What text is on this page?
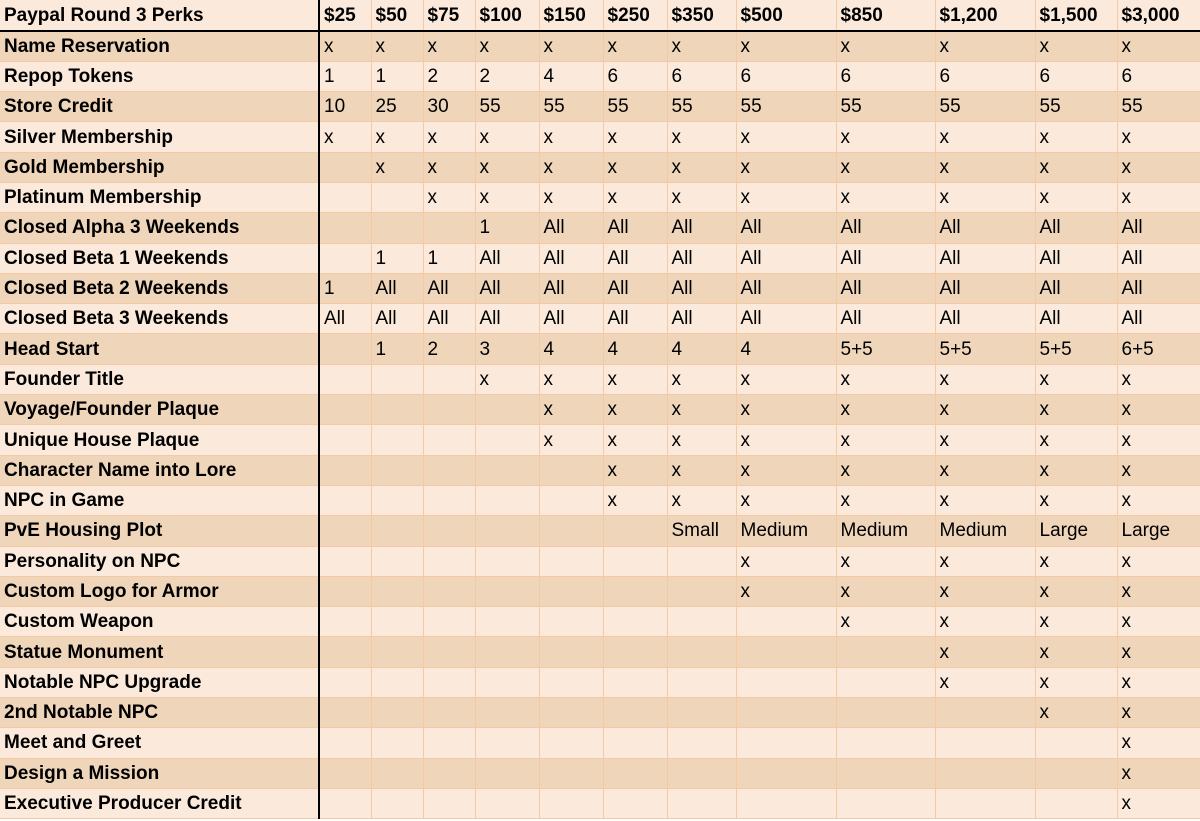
Paypal Round 3 Perks	$25	$50	$75	$100	$150	$250	$350	$500	$850	$1,200	$1,500	$3,000
Name Reservation	x	x	x	x	x	x	x	x	x	x	x	x
Repop Tokens	1	1	2	2	4	6	6	6	6	6	6	6
Store Credit	10	25	30	55	55	55	55	55	55	55	55	55
Silver Membership	x	x	x	x	x	x	x	x	x	x	x	x
Gold Membership		x	x	x	x	x	x	x	x	x	x	x
Platinum Membership			x	x	x	x	x	x	x	x	x	x
Closed Alpha 3 Weekends				1	All	All	All	All	All	All	All	All
Closed Beta 1 Weekends		1	1	All	All	All	All	All	All	All	All	All
Closed Beta 2 Weekends	1	All	All	All	All	All	All	All	All	All	All	All
Closed Beta 3 Weekends	All	All	All	All	All	All	All	All	All	All	All	All
Head Start		1	2	3	4	4	4	4	5+5	5+5	5+5	6+5
Founder Title				x	x	x	x	x	x	x	x	x
Voyage/Founder Plaque					x	x	x	x	x	x	x	x
Unique House Plaque					x	x	x	x	x	x	x	x
Character Name into Lore						x	x	x	x	x	x	x
NPC in Game						x	x	x	x	x	x	x
PvE Housing Plot							Small	Medium	Medium	Medium	Large	Large
Personality on NPC								x	x	x	x	x
Custom Logo for Armor								x	x	x	x	x
Custom Weapon									x	x	x	x
Statue Monument										x	x	x
Notable NPC Upgrade										x	x	x
2nd Notable NPC											x	x
Meet and Greet												x
Design a Mission												x
Executive Producer Credit												x
